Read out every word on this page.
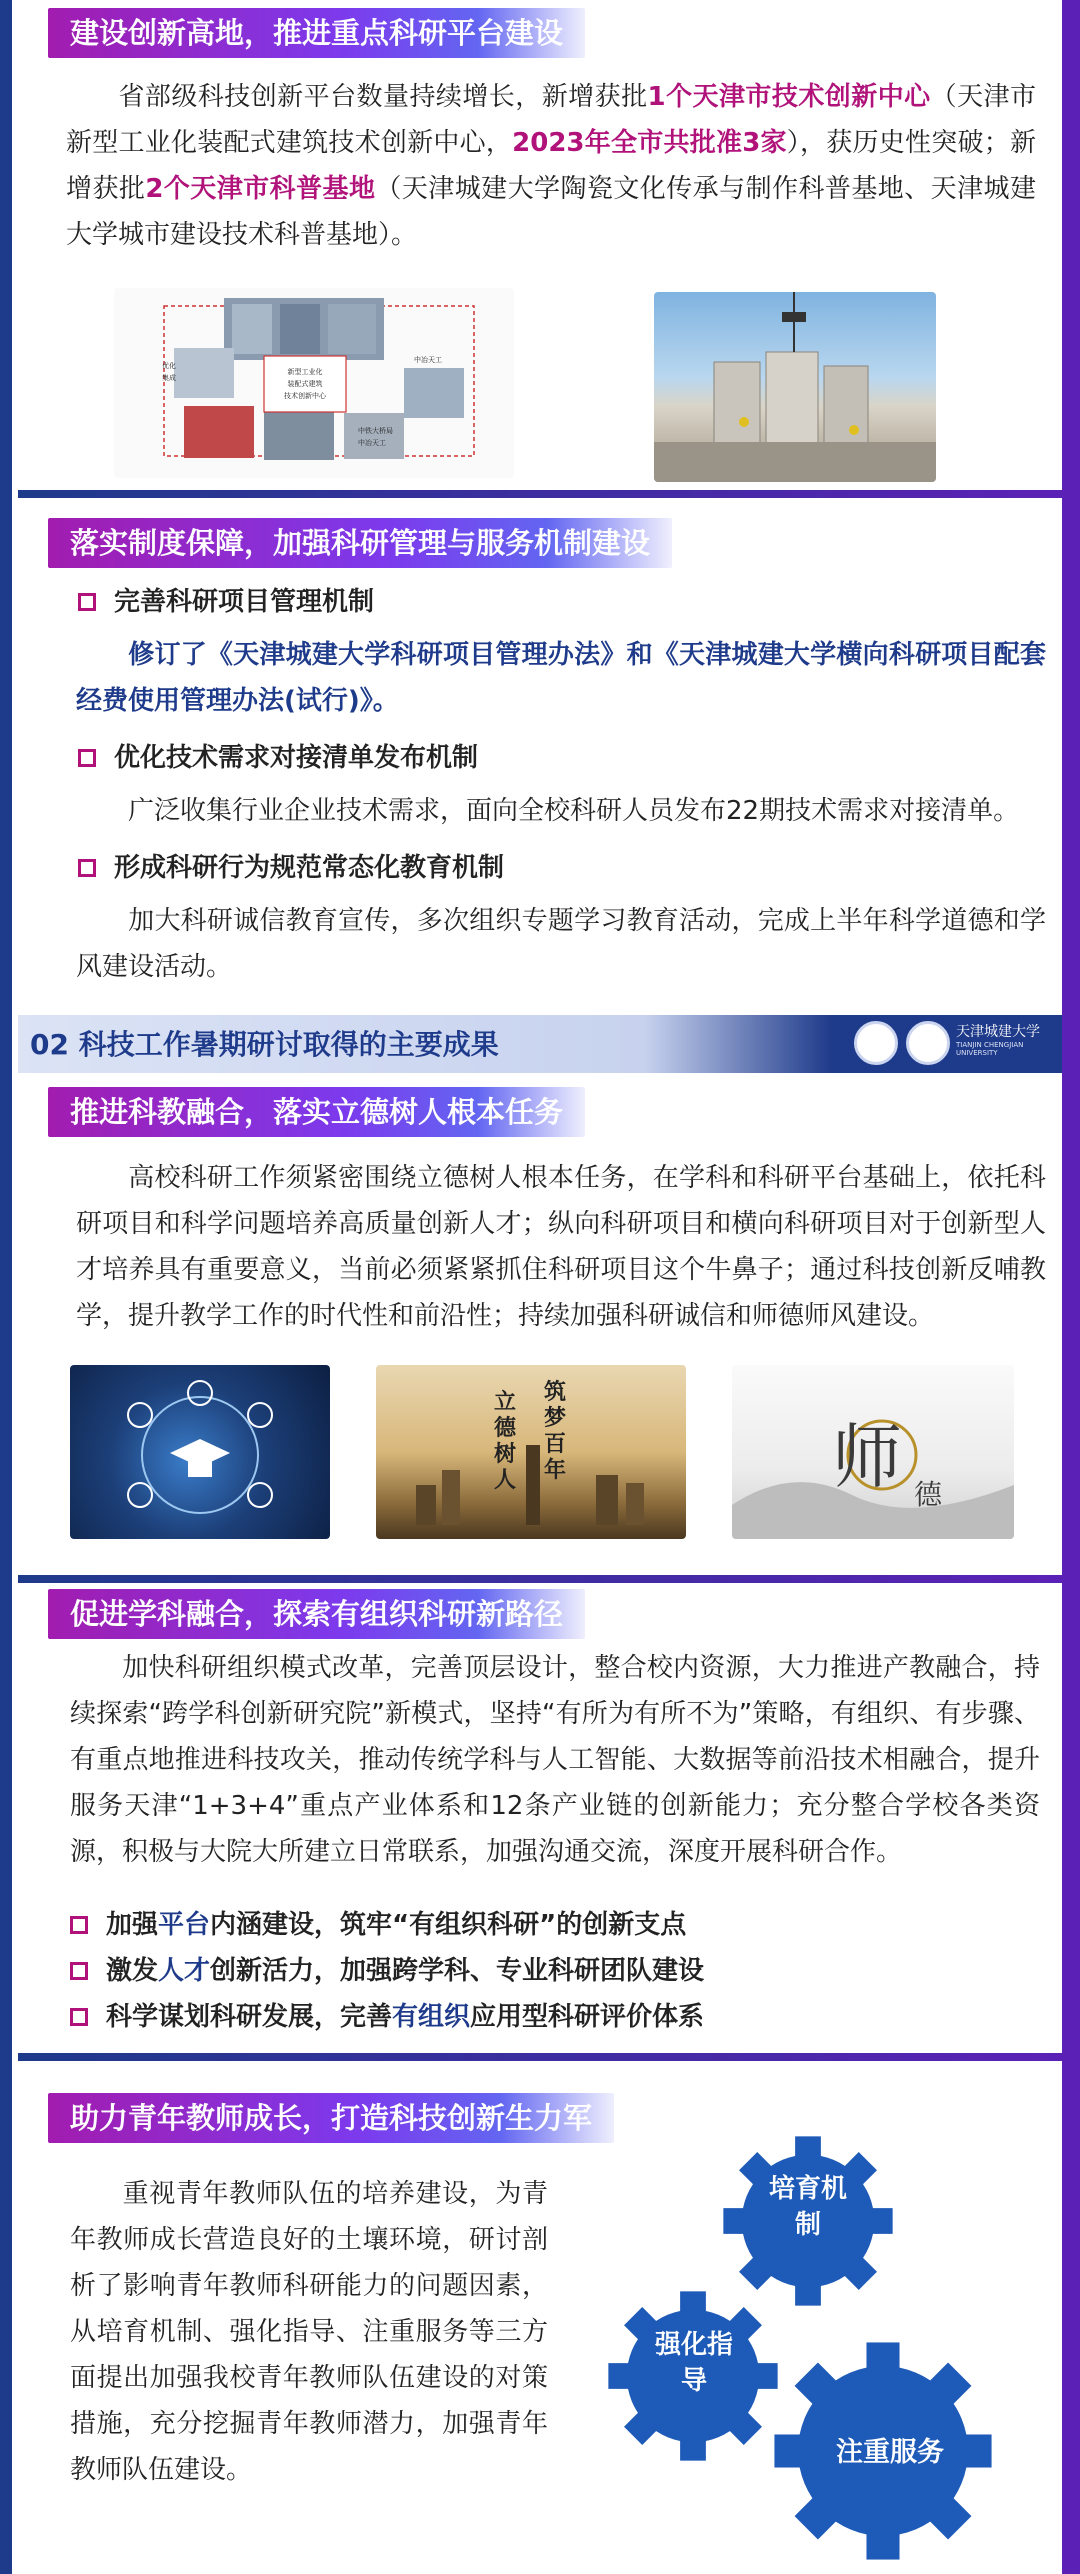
建设创新高地，推进重点科研平台建设
省部级科技创新平台数量持续增长，新增获批1个天津市技术创新中心（天津市新型工业化装配式建筑技术创新中心，2023年全市共批准3家），获历史性突破；新增获批2个天津市科普基地（天津城建大学陶瓷文化传承与制作科普基地、天津城建大学城市建设技术科普基地）。
新型工业化
装配式建筑
技术创新中心
优化
集成
中冶天工
中铁大桥局
中冶天工
落实制度保障，加强科研管理与服务机制建设
完善科研项目管理机制
修订了《天津城建大学科研项目管理办法》和《天津城建大学横向科研项目配套经费使用管理办法(试行)》。
优化技术需求对接清单发布机制
广泛收集行业企业技术需求，面向全校科研人员发布22期技术需求对接清单。
形成科研行为规范常态化教育机制
加大科研诚信教育宣传，多次组织专题学习教育活动，完成上半年科学道德和学风建设活动。
02 科技工作暑期研讨取得的主要成果	天津城建大学
TIANJIN CHENGJIAN UNIVERSITY
推进科教融合，落实立德树人根本任务
高校科研工作须紧密围绕立德树人根本任务，在学科和科研平台基础上，依托科研项目和科学问题培养高质量创新人才；纵向科研项目和横向科研项目对于创新型人才培养具有重要意义，当前必须紧紧抓住科研项目这个牛鼻子；通过科技创新反哺教学，提升教学工作的时代性和前沿性；持续加强科研诚信和师德师风建设。
立德树人
筑梦百年	师 德
促进学科融合，探索有组织科研新路径
加快科研组织模式改革，完善顶层设计，整合校内资源，大力推进产教融合，持续探索“跨学科创新研究院”新模式，坚持“有所为有所不为”策略，有组织、有步骤、有重点地推进科技攻关，推动传统学科与人工智能、大数据等前沿技术相融合，提升服务天津“1+3+4”重点产业体系和12条产业链的创新能力；充分整合学校各类资源，积极与大院大所建立日常联系，加强沟通交流，深度开展科研合作。
加强平台内涵建设，筑牢“有组织科研”的创新支点
激发人才创新活力，加强跨学科、专业科研团队建设
科学谋划科研发展，完善有组织应用型科研评价体系
助力青年教师成长，打造科技创新生力军
重视青年教师队伍的培养建设，为青年教师成长营造良好的土壤环境，研讨剖析了影响青年教师科研能力的问题因素，从培育机制、强化指导、注重服务等三方面提出加强我校青年教师队伍建设的对策措施，充分挖掘青年教师潜力，加强青年教师队伍建设。
培育机制
强化指导
注重服务
